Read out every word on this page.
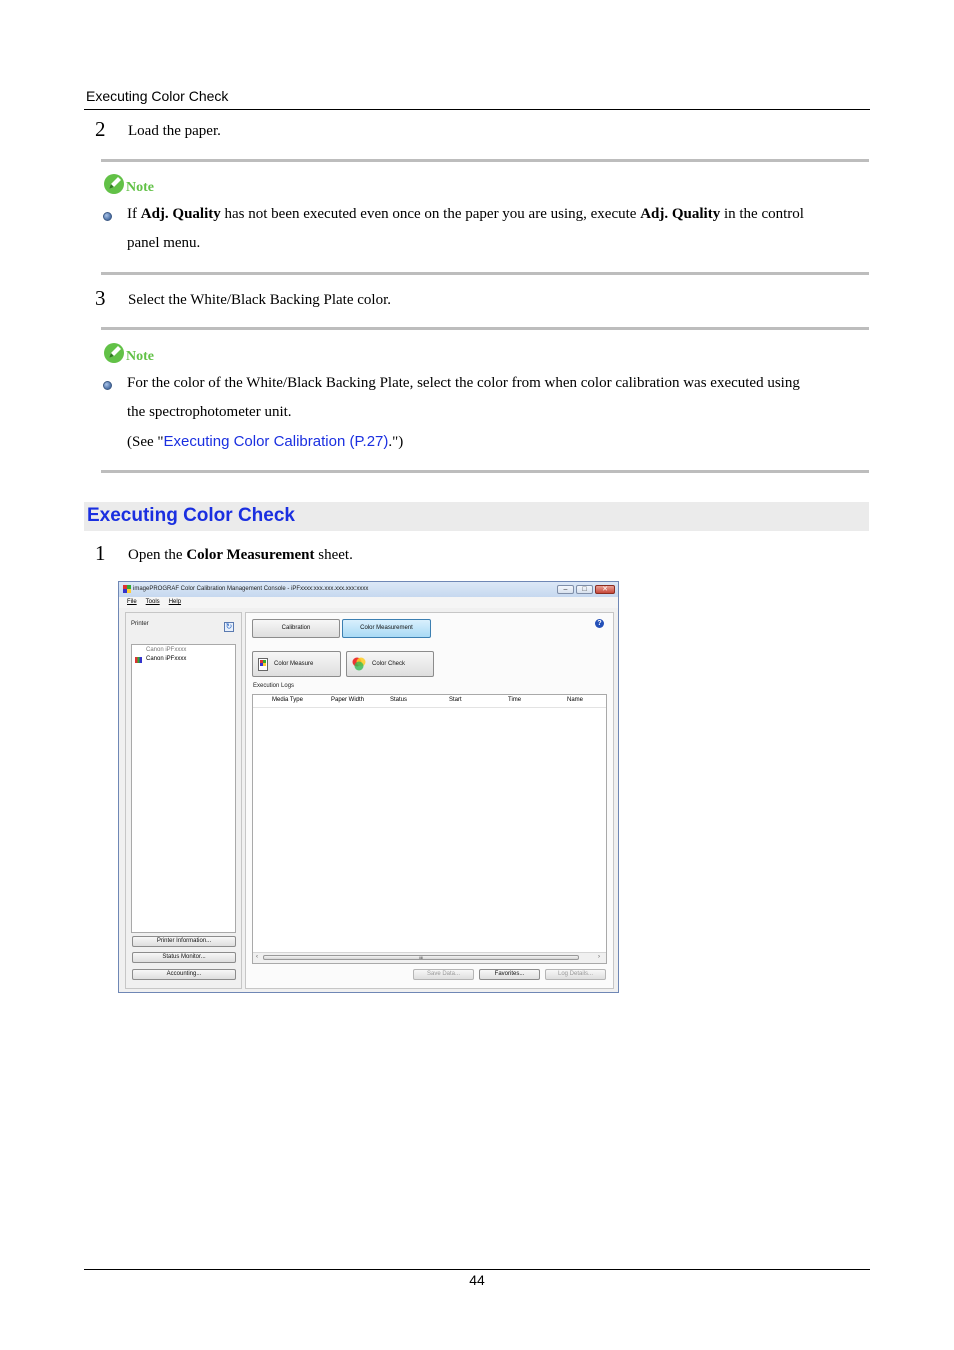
Executing Color Check
2 Load the paper.
Note
If Adj. Quality has not been executed even once on the paper you are using, execute Adj. Quality in the control
panel menu.
3 Select the White/Black Backing Plate color.
Note
For the color of the White/Black Backing Plate, select the color from when color calibration was executed using
the spectrophotometer unit.
(See "Executing Color Calibration (P.27).")
Executing Color Check
1 Open the Color Measurement sheet.
imagePROGRAF Color Calibration Management Console - iPFxxxx:xxx.xxx.xxx.xxx:xxxx	–	□	✕
File Tools Help
Printer	↻
Canon iPFxxxx
Canon iPFxxxx
Printer Information...
Status Monitor...
Accounting...
Calibration	Color Measurement
?
Color Measure	Color Check
Execution Logs
Media Type	Paper Width	Status	Start	Time	Name
‹	III	›
Save Data...	Favorites...	Log Details...
44
